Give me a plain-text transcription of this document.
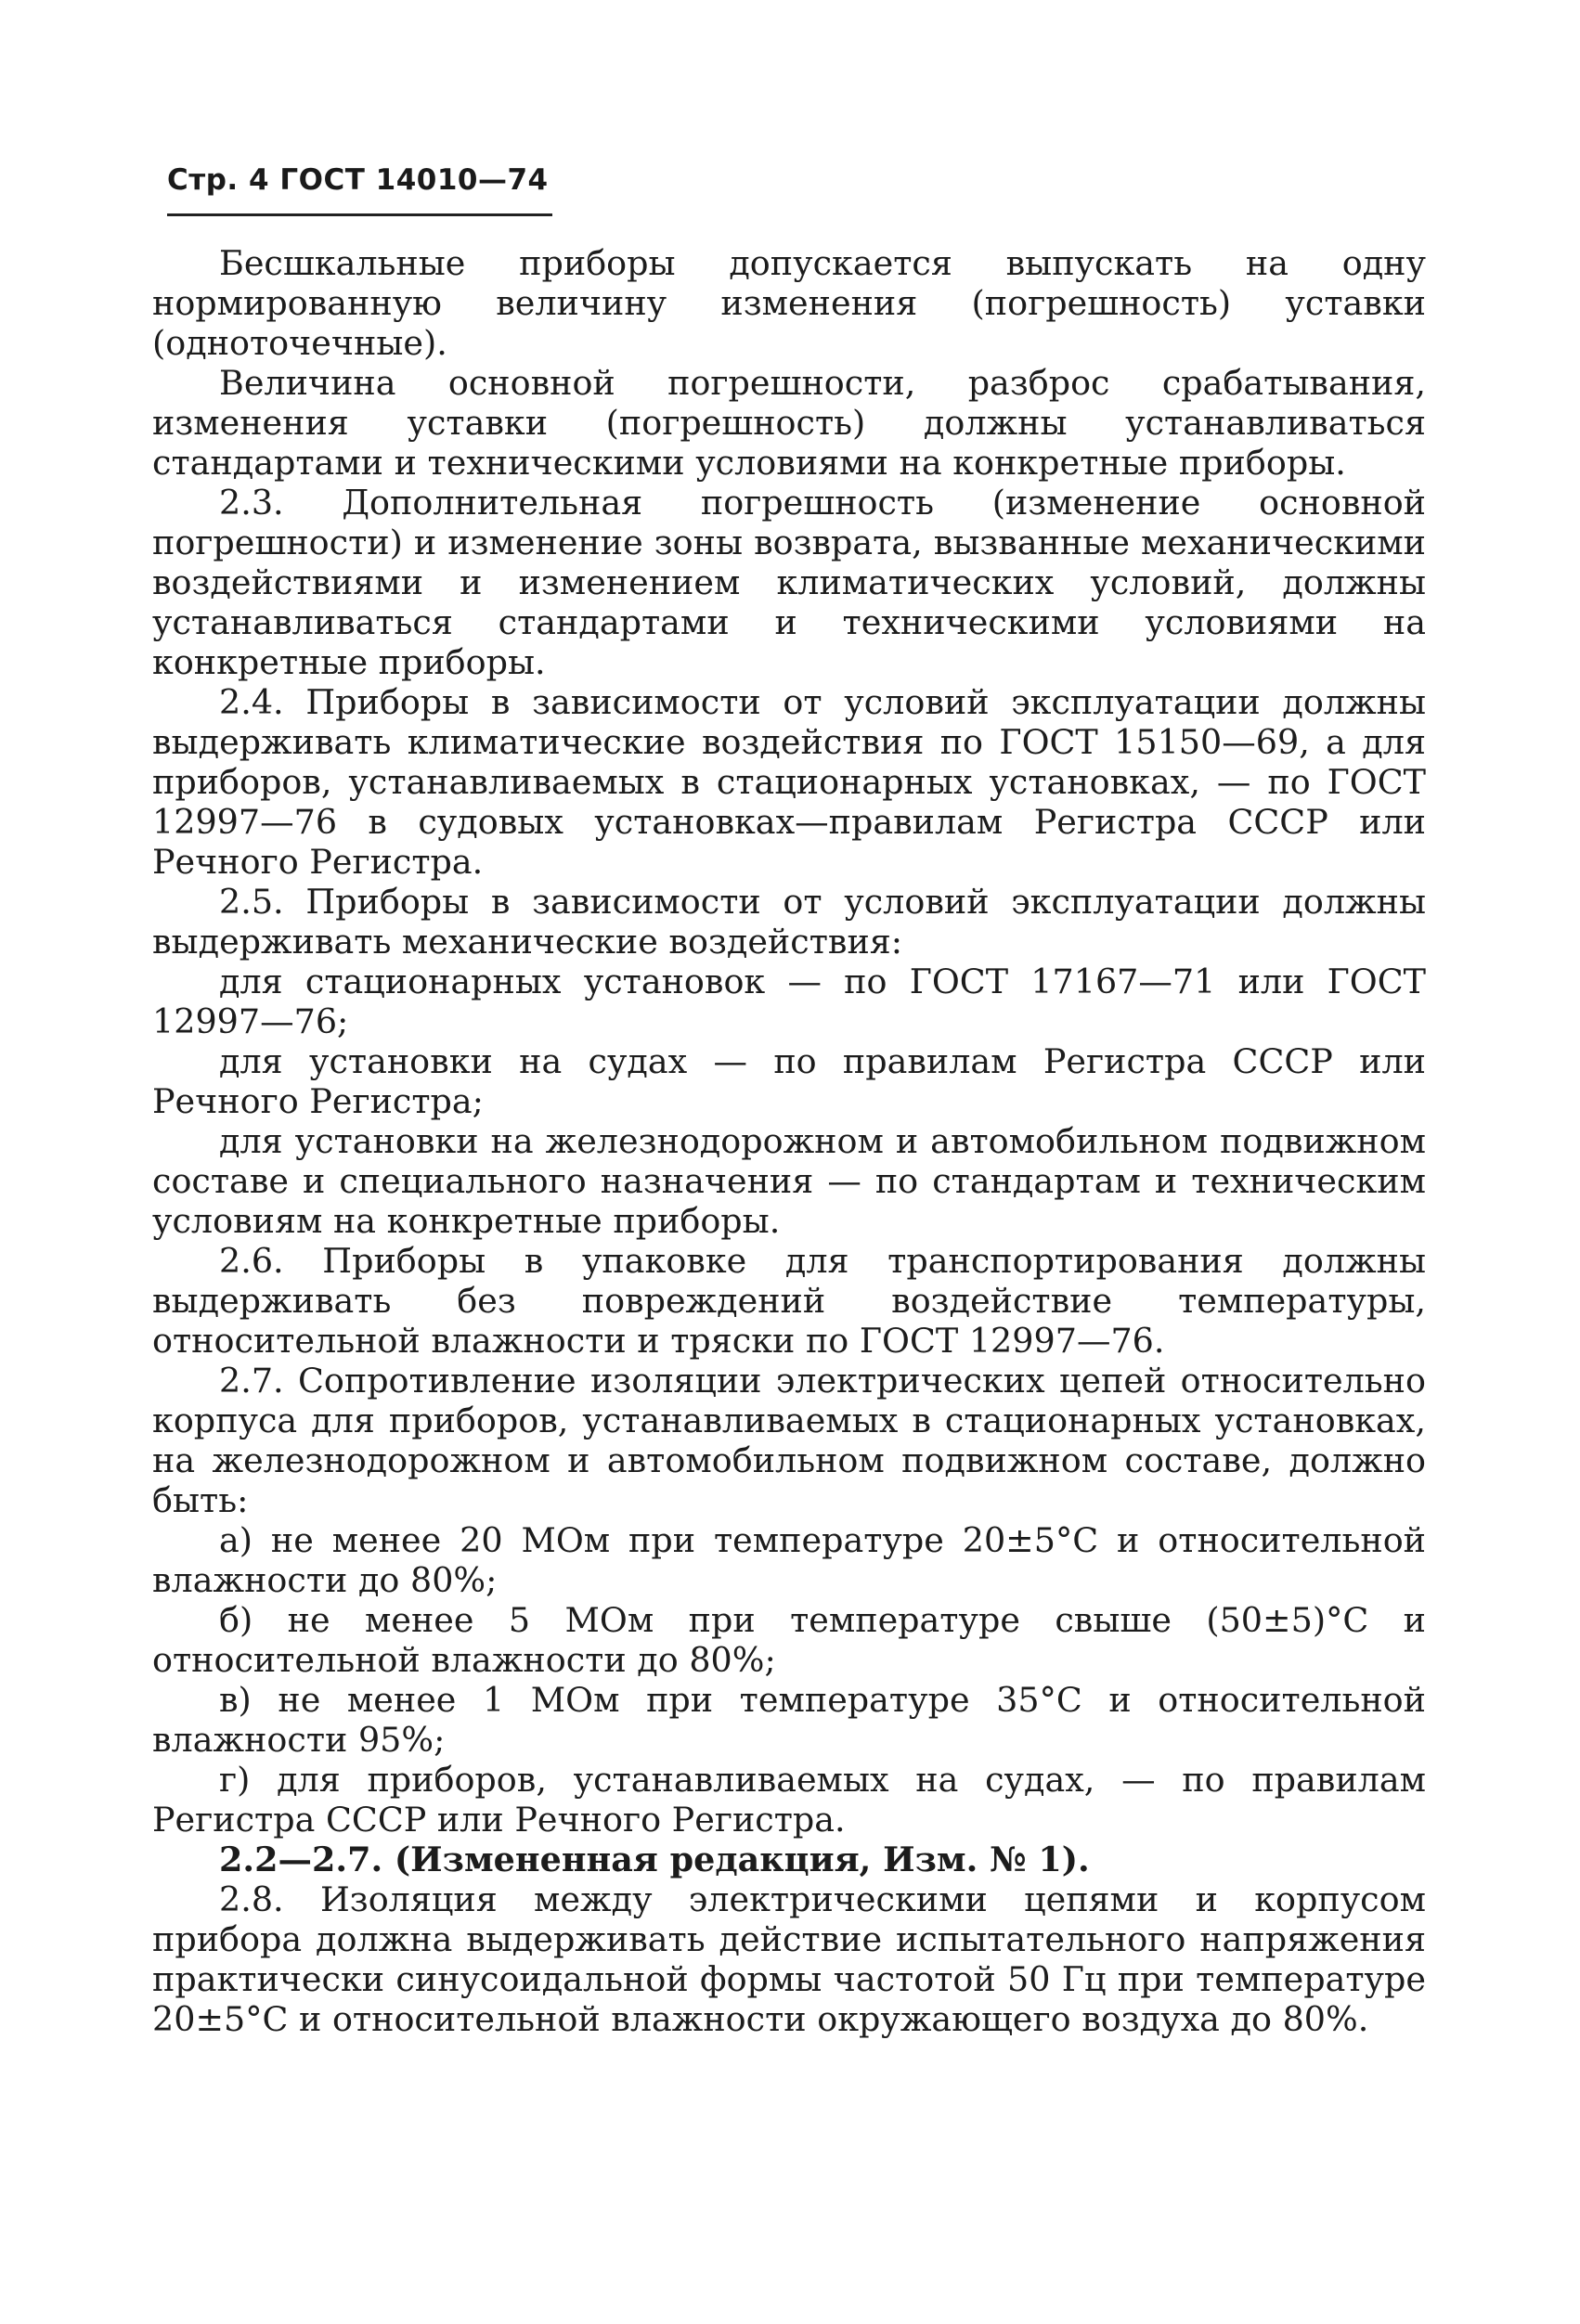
Стр. 4 ГОСТ 14010—74

Бесшкальные приборы допускается выпускать на одну нормированную величину изменения (погрешность) уставки (одноточечные).

Величина основной погрешности, разброс срабатывания, изменения уставки (погрешность) должны устанавливаться стандартами и техническими условиями на конкретные приборы.

2.3. Дополнительная погрешность (изменение основной погрешности) и изменение зоны возврата, вызванные механическими воздействиями и изменением климатических условий, должны устанавливаться стандартами и техническими условиями на конкретные приборы.

2.4. Приборы в зависимости от условий эксплуатации должны выдерживать климатические воздействия по ГОСТ 15150—69, а для приборов, устанавливаемых в стационарных установках, — по ГОСТ 12997—76 в судовых установках—правилам Регистра СССР или Речного Регистра.

2.5. Приборы в зависимости от условий эксплуатации должны выдерживать механические воздействия:

для стационарных установок — по ГОСТ 17167—71 или ГОСТ 12997—76;

для установки на судах — по правилам Регистра СССР или Речного Регистра;

для установки на железнодорожном и автомобильном подвижном составе и специального назначения — по стандартам и техническим условиям на конкретные приборы.

2.6. Приборы в упаковке для транспортирования должны выдерживать без повреждений воздействие температуры, относительной влажности и тряски по ГОСТ 12997—76.

2.7. Сопротивление изоляции электрических цепей относительно корпуса для приборов, устанавливаемых в стационарных установках, на железнодорожном и автомобильном подвижном составе, должно быть:

а) не менее 20 МОм при температуре 20±5°С и относительной влажности до 80%;

б) не менее 5 МОм при температуре свыше (50±5)°С и относительной влажности до 80%;

в) не менее 1 МОм при температуре 35°С и относительной влажности 95%;

г) для приборов, устанавливаемых на судах, — по правилам Регистра СССР или Речного Регистра.

2.2—2.7. (Измененная редакция, Изм. № 1).

2.8. Изоляция между электрическими цепями и корпусом прибора должна выдерживать действие испытательного напряжения практически синусоидальной формы частотой 50 Гц при температуре 20±5°С и относительной влажности окружающего воздуха до 80%.
